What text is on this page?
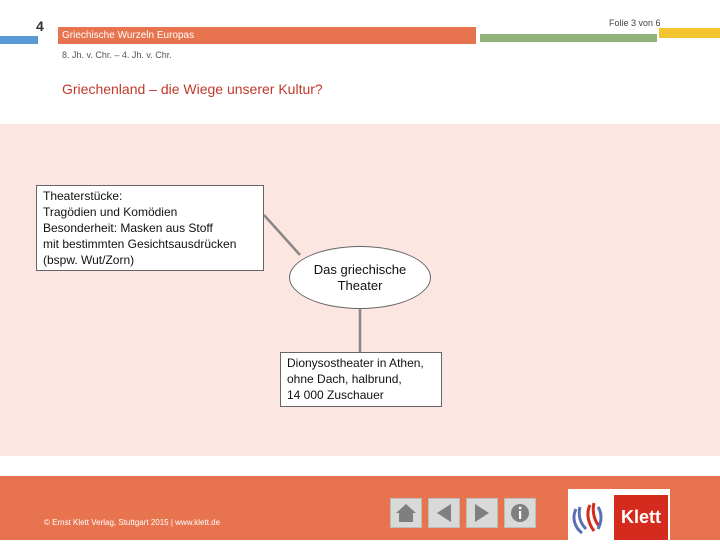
4
Griechische Wurzeln Europas
Folie 3 von 6
8. Jh. v. Chr. – 4. Jh. v. Chr.
Griechenland – die Wiege unserer Kultur?
Theaterstücke:
Tragödien und Komödien
Besonderheit: Masken aus Stoff
mit bestimmten Gesichtsausdrücken
(bspw. Wut/Zorn)
Das griechische
Theater
Dionysostheater in Athen,
ohne Dach, halbrund,
14 000 Zuschauer
© Ernst Klett Verlag, Stuttgart 2015 | www.klett.de	Klett
